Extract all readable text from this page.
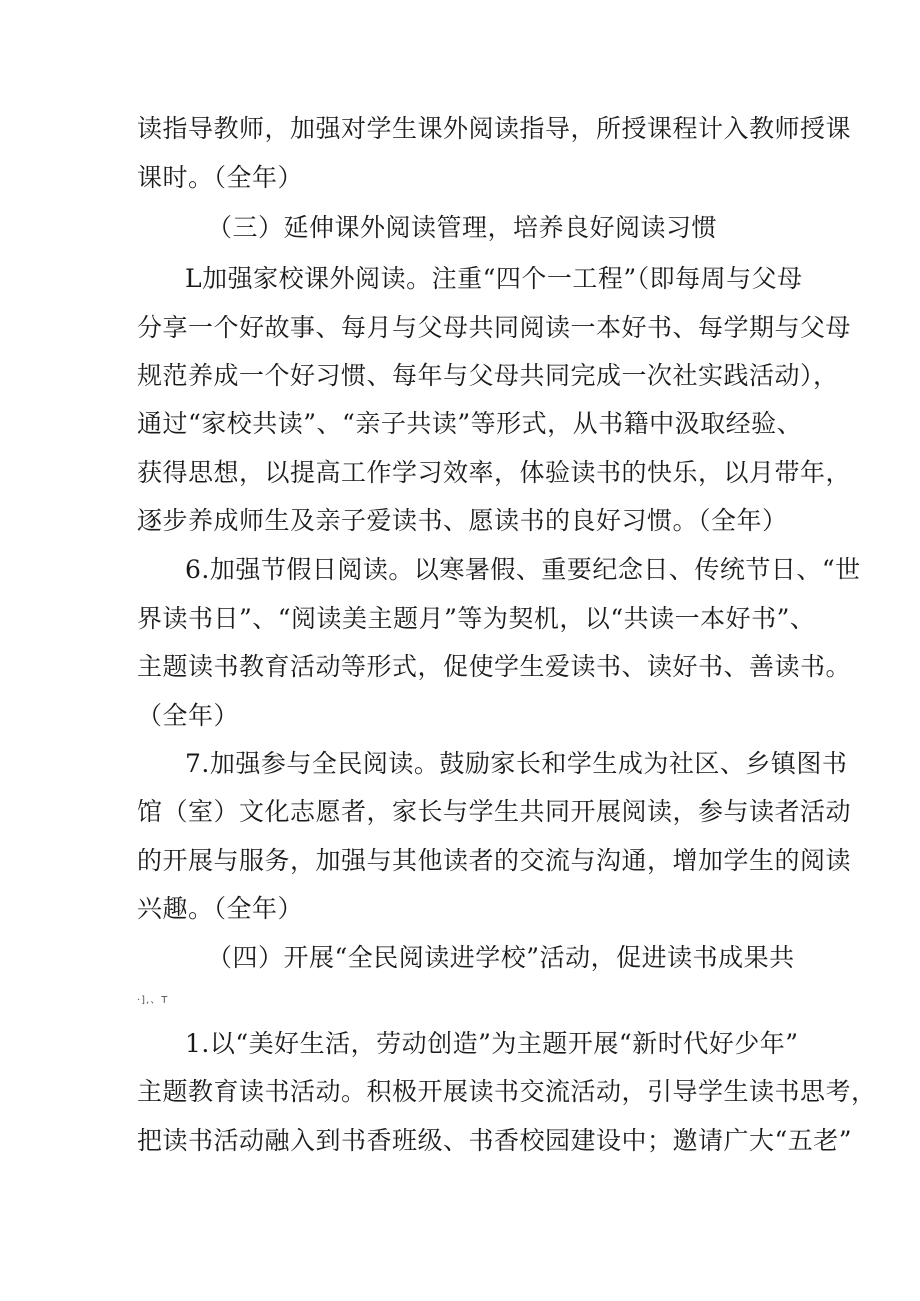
读指导教师，加强对学生课外阅读指导，所授课程计入教师授课
课时。（全年）
（三）延伸课外阅读管理，培养良好阅读习惯
L加强家校课外阅读。注重“四个一工程”（即每周与父母
分享一个好故事、每月与父母共同阅读一本好书、每学期与父母
规范养成一个好习惯、每年与父母共同完成一次社实践活动），
通过“家校共读”、“亲子共读”等形式，从书籍中汲取经验、
获得思想，以提高工作学习效率，体验读书的快乐，以月带年，
逐步养成师生及亲子爱读书、愿读书的良好习惯。（全年）
6.加强节假日阅读。以寒暑假、重要纪念日、传统节日、“世
界读书日”、“阅读美主题月”等为契机，以“共读一本好书”、
主题读书教育活动等形式，促使学生爱读书、读好书、善读书。
（全年）
7.加强参与全民阅读。鼓励家长和学生成为社区、乡镇图书
馆（室）文化志愿者，家长与学生共同开展阅读，参与读者活动
的开展与服务，加强与其他读者的交流与沟通，增加学生的阅读
兴趣。（全年）
（四）开展“全民阅读进学校”活动，促进读书成果共
·],、T
1.以“美好生活，劳动创造”为主题开展“新时代好少年”
主题教育读书活动。积极开展读书交流活动，引导学生读书思考，
把读书活动融入到书香班级、书香校园建设中；邀请广大“五老”
